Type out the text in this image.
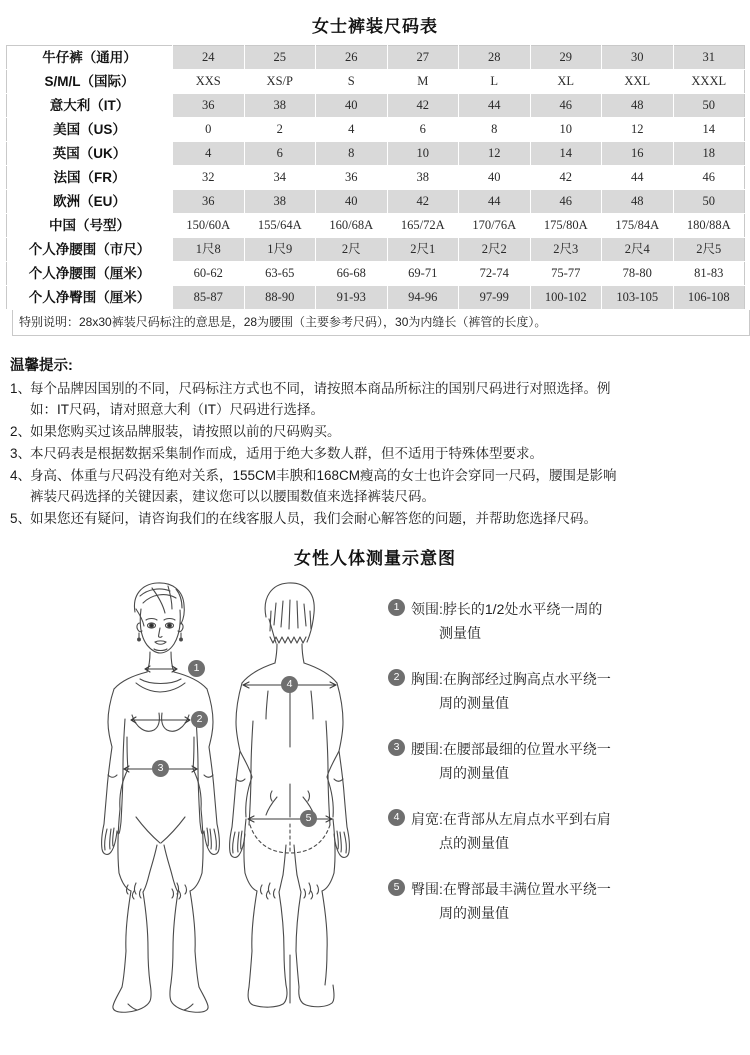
女士裤装尺码表
牛仔裤（通用）	24	25	26	27	28	29	30	31
S/M/L（国际）	XXS	XS/P	S	M	L	XL	XXL	XXXL
意大利（IT）	36	38	40	42	44	46	48	50
美国（US）	0	2	4	6	8	10	12	14
英国（UK）	4	6	8	10	12	14	16	18
法国（FR）	32	34	36	38	40	42	44	46
欧洲（EU）	36	38	40	42	44	46	48	50
中国（号型）	150/60A	155/64A	160/68A	165/72A	170/76A	175/80A	175/84A	180/88A
个人净腰围（市尺）	1尺8	1尺9	2尺	2尺1	2尺2	2尺3	2尺4	2尺5
个人净腰围（厘米）	60-62	63-65	66-68	69-71	72-74	75-77	78-80	81-83
个人净臀围（厘米）	85-87	88-90	91-93	94-96	97-99	100-102	103-105	106-108
特别说明：28x30裤装尺码标注的意思是，28为腰围（主要参考尺码），30为内缝长（裤管的长度）。
温馨提示:
1、
每个品牌因国别的不同，尺码标注方式也不同，请按照本商品所标注的国别尺码进行对照选择。例
如：IT尺码，请对照意大利（IT）尺码进行选择。
2、
如果您购买过该品牌服装，请按照以前的尺码购买。
3、
本尺码表是根据数据采集制作而成，适用于绝大多数人群，但不适用于特殊体型要求。
4、
身高、体重与尺码没有绝对关系，155CM丰腴和168CM瘦高的女士也许会穿同一尺码，腰围是影响
裤装尺码选择的关键因素，建议您可以以腰围数值来选择裤装尺码。
5、
如果您还有疑问，请咨询我们的在线客服人员，我们会耐心解答您的问题，并帮助您选择尺码。
女性人体测量示意图
1
2
3
4
5
1 领围:脖长的1/2处水平绕一周的
测量值
2 胸围:在胸部经过胸高点水平绕一
周的测量值
3 腰围:在腰部最细的位置水平绕一
周的测量值
4 肩宽:在背部从左肩点水平到右肩
点的测量值
5 臀围:在臀部最丰满位置水平绕一
周的测量值
